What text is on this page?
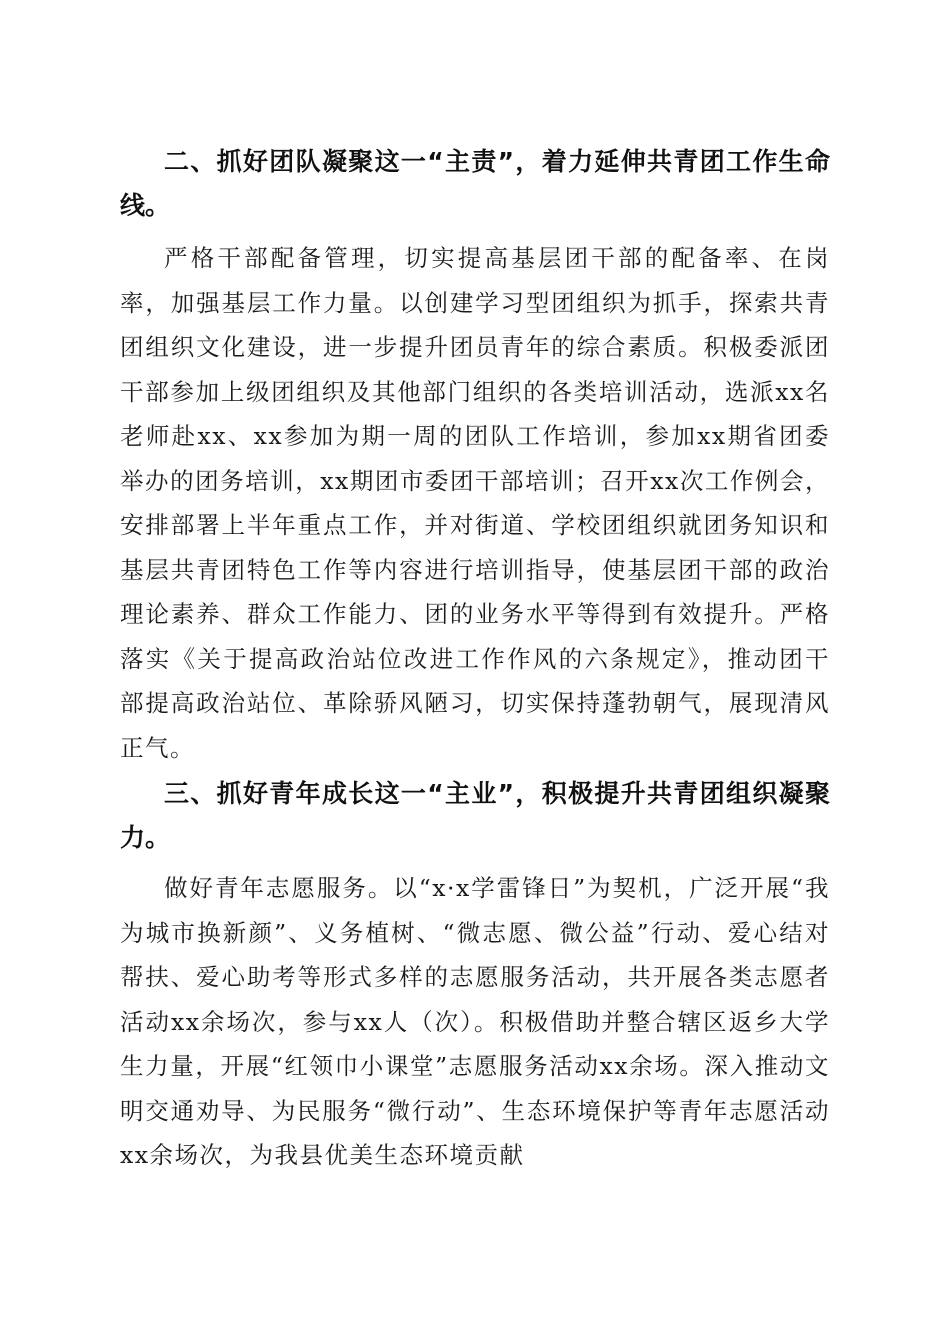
二、抓好团队凝聚这一“主责”，着力延伸共青团工作生命线。

严格干部配备管理，切实提高基层团干部的配备率、在岗率，加强基层工作力量。以创建学习型团组织为抓手，探索共青团组织文化建设，进一步提升团员青年的综合素质。积极委派团干部参加上级团组织及其他部门组织的各类培训活动，选派xx名老师赴xx、xx参加为期一周的团队工作培训，参加xx期省团委举办的团务培训，xx期团市委团干部培训；召开xx次工作例会，安排部署上半年重点工作，并对街道、学校团组织就团务知识和基层共青团特色工作等内容进行培训指导，使基层团干部的政治理论素养、群众工作能力、团的业务水平等得到有效提升。严格落实《关于提高政治站位改进工作作风的六条规定》，推动团干部提高政治站位、革除骄风陋习，切实保持蓬勃朝气，展现清风正气。

三、抓好青年成长这一“主业”，积极提升共青团组织凝聚力。

做好青年志愿服务。以“x·x学雷锋日”为契机，广泛开展“我为城市换新颜”、义务植树、“微志愿、微公益”行动、爱心结对帮扶、爱心助考等形式多样的志愿服务活动，共开展各类志愿者活动xx余场次，参与xx人（次）。积极借助并整合辖区返乡大学生力量，开展“红领巾小课堂”志愿服务活动xx余场。深入推动文明交通劝导、为民服务“微行动”、生态环境保护等青年志愿活动xx余场次，为我县优美生态环境贡献
